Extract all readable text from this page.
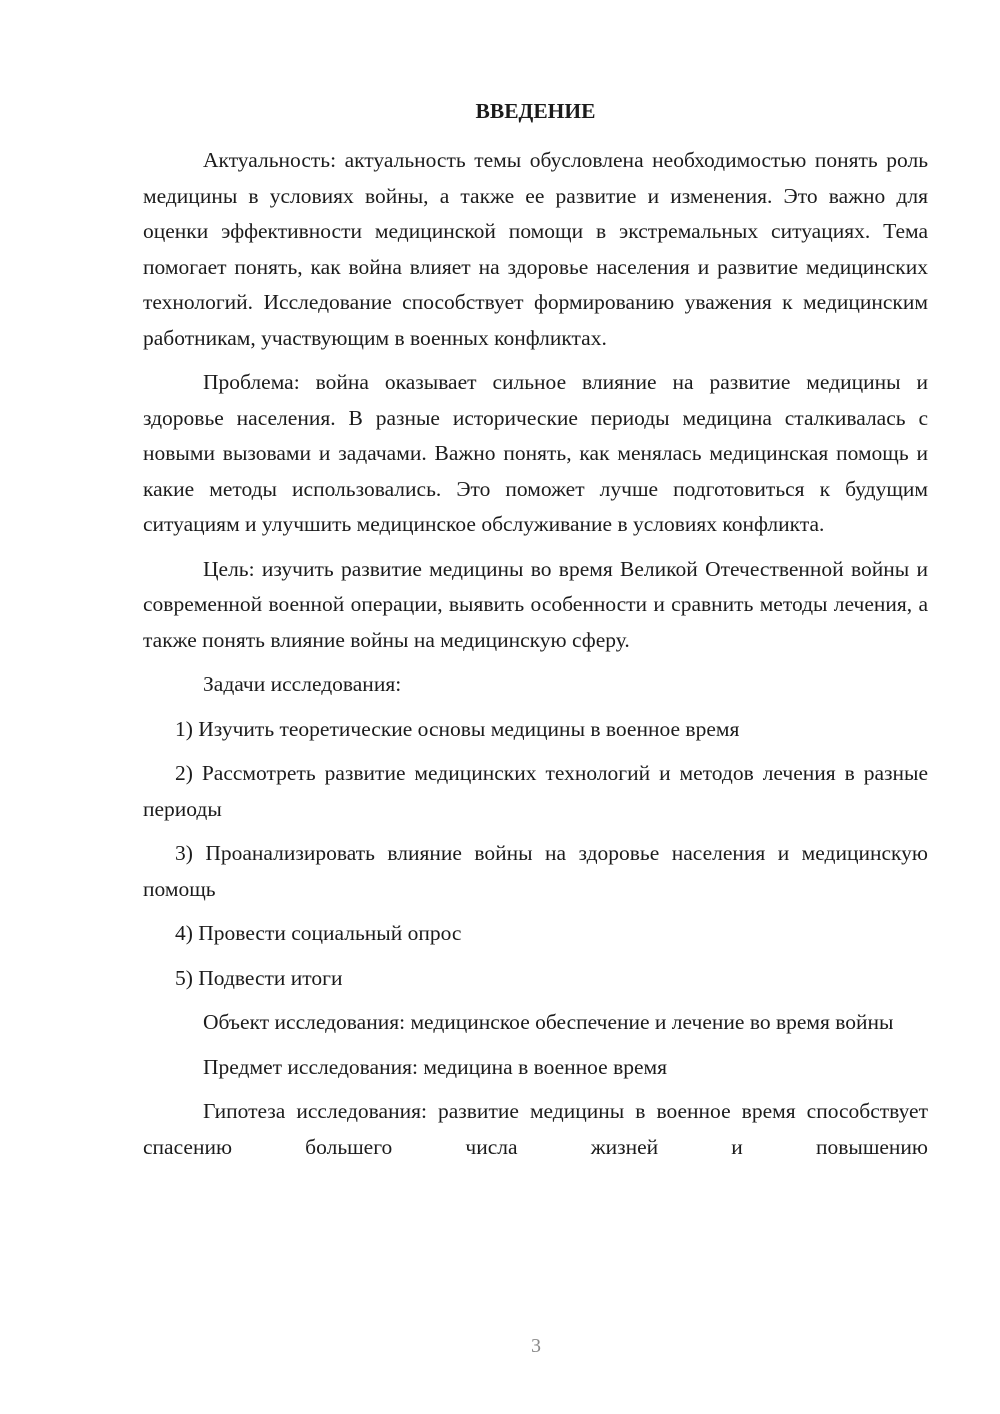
ВВЕДЕНИЕ

Актуальность: актуальность темы обусловлена необходимостью понять роль медицины в условиях войны, а также ее развитие и изменения. Это важно для оценки эффективности медицинской помощи в экстремальных ситуациях. Тема помогает понять, как война влияет на здоровье населения и развитие медицинских технологий. Исследование способствует формированию уважения к медицинским работникам, участвующим в военных конфликтах.

Проблема: война оказывает сильное влияние на развитие медицины и здоровье населения. В разные исторические периоды медицина сталкивалась с новыми вызовами и задачами. Важно понять, как менялась медицинская помощь и какие методы использовались. Это поможет лучше подготовиться к будущим ситуациям и улучшить медицинское обслуживание в условиях конфликта.

Цель: изучить развитие медицины во время Великой Отечественной войны и современной военной операции, выявить особенности и сравнить методы лечения, а также понять влияние войны на медицинскую сферу.

Задачи исследования:

1) Изучить теоретические основы медицины в военное время

2) Рассмотреть развитие медицинских технологий и методов лечения в разные периоды

3) Проанализировать влияние войны на здоровье населения и медицинскую помощь

4) Провести социальный опрос

5) Подвести итоги

Объект исследования: медицинское обеспечение и лечение во время войны

Предмет исследования: медицина в военное время

Гипотеза исследования: развитие медицины в военное время способствует спасению большего числа жизней и повышению

3
